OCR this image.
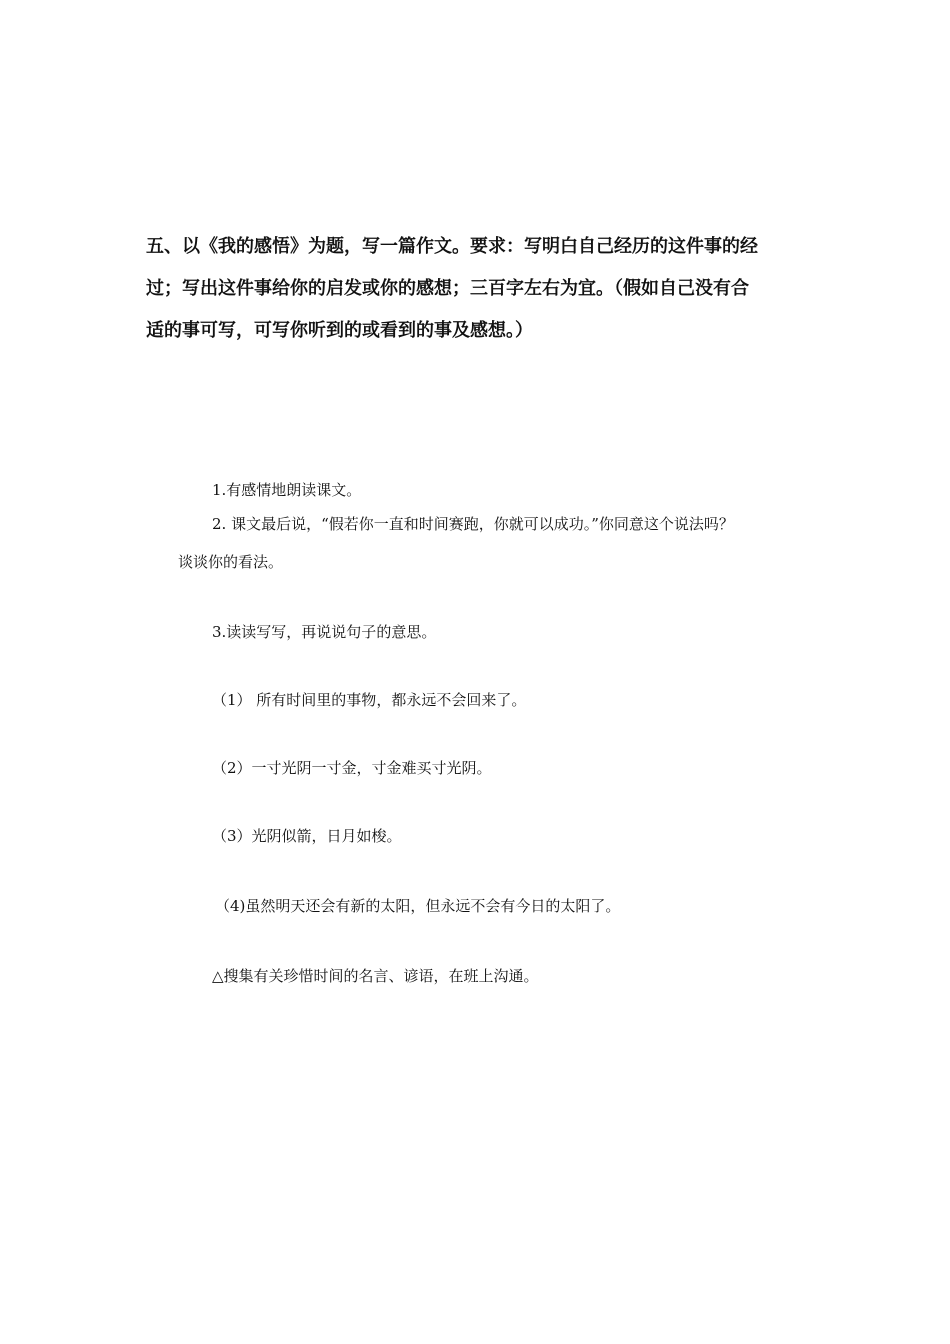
五、以《我的感悟》为题，写一篇作文。要求：写明白自己经历的这件事的经
过；写出这件事给你的启发或你的感想；三百字左右为宜。（假如自己没有合
适的事可写，可写你听到的或看到的事及感想。）
1.有感情地朗读课文。
2. 课文最后说，“假若你一直和时间赛跑，你就可以成功。”你同意这个说法吗？
谈谈你的看法。
3.读读写写，再说说句子的意思。
（1） 所有时间里的事物，都永远不会回来了。
（2）一寸光阴一寸金，寸金难买寸光阴。
（3）光阴似箭，日月如梭。
（4)虽然明天还会有新的太阳，但永远不会有今日的太阳了。
△搜集有关珍惜时间的名言、谚语，在班上沟通。
